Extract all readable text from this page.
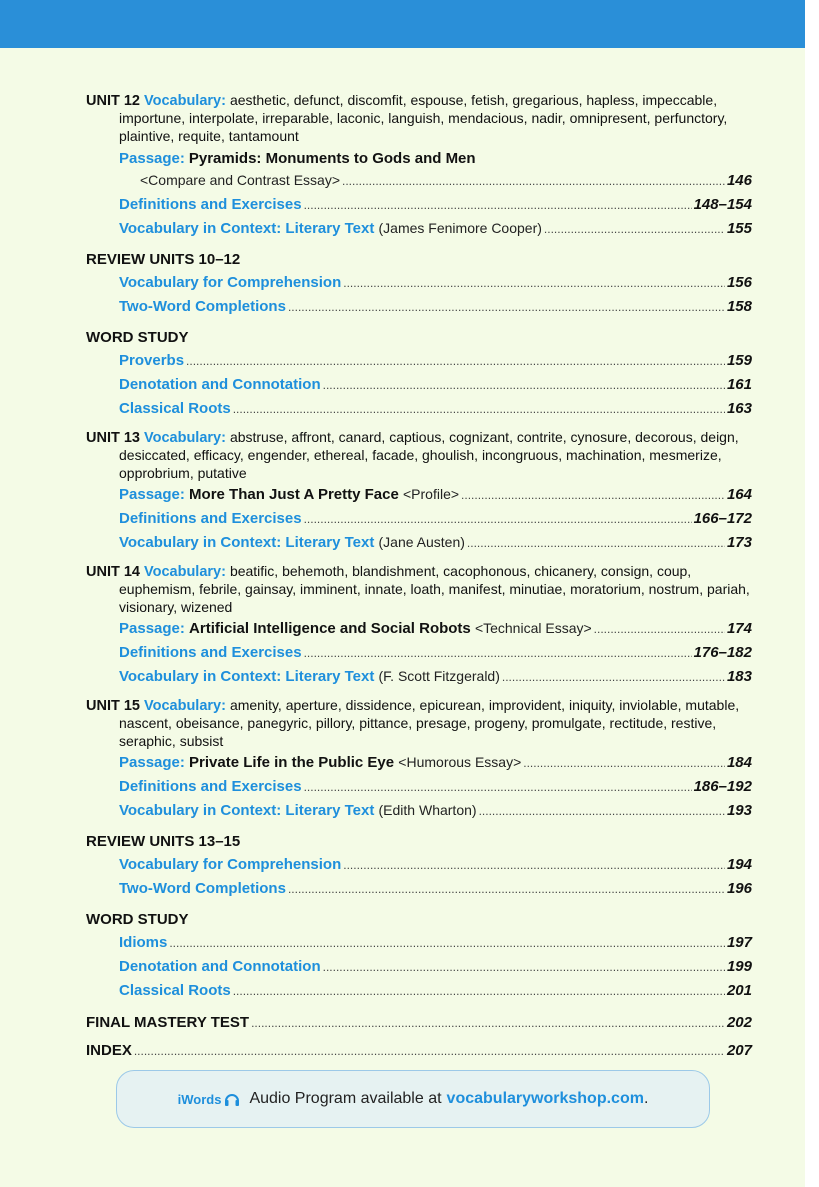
UNIT 12 Vocabulary: aesthetic, defunct, discomfit, espouse, fetish, gregarious, hapless, impeccable, importune, interpolate, irreparable, laconic, languish, mendacious, nadir, omnipresent, perfunctory, plaintive, requite, tantamount
Passage: Pyramids: Monuments to Gods and Men
<Compare and Contrast Essay> .....	146
Definitions and Exercises .....	148–154
Vocabulary in Context: Literary Text
(James Fenimore Cooper) .....	155
REVIEW UNITS 10–12
Vocabulary for Comprehension .....	156
Two-Word Completions .....	158
WORD STUDY
Proverbs .....	159
Denotation and Connotation .....	161
Classical Roots .....	163
UNIT 13 Vocabulary: abstruse, affront, canard, captious, cognizant, contrite, cynosure, decorous, deign, desiccated, efficacy, engender, ethereal, facade, ghoulish, incongruous, machination, mesmerize, opprobrium, putative
Passage:
More Than Just A Pretty Face
<Profile> .....	164
Definitions and Exercises .....	166–172
Vocabulary in Context: Literary Text
(Jane Austen) .....	173
UNIT 14 Vocabulary: beatific, behemoth, blandishment, cacophonous, chicanery, consign, coup, euphemism, febrile, gainsay, imminent, innate, loath, manifest, minutiae, moratorium, nostrum, pariah, visionary, wizened
Passage:
Artificial Intelligence and Social Robots
<Technical Essay> .....	174
Definitions and Exercises .....	176–182
Vocabulary in Context: Literary Text
(F. Scott Fitzgerald) .....	183
UNIT 15 Vocabulary: amenity, aperture, dissidence, epicurean, improvident, iniquity, inviolable, mutable, nascent, obeisance, panegyric, pillory, pittance, presage, progeny, promulgate, rectitude, restive, seraphic, subsist
Passage:
Private Life in the Public Eye
<Humorous Essay> .....	184
Definitions and Exercises .....	186–192
Vocabulary in Context: Literary Text
(Edith Wharton) .....	193
REVIEW UNITS 13–15
Vocabulary for Comprehension .....	194
Two-Word Completions .....	196
WORD STUDY
Idioms .....	197
Denotation and Connotation .....	199
Classical Roots .....	201
FINAL MASTERY TEST .....	202
INDEX .....	207
iWords Audio Program available at vocabularyworkshop.com .
